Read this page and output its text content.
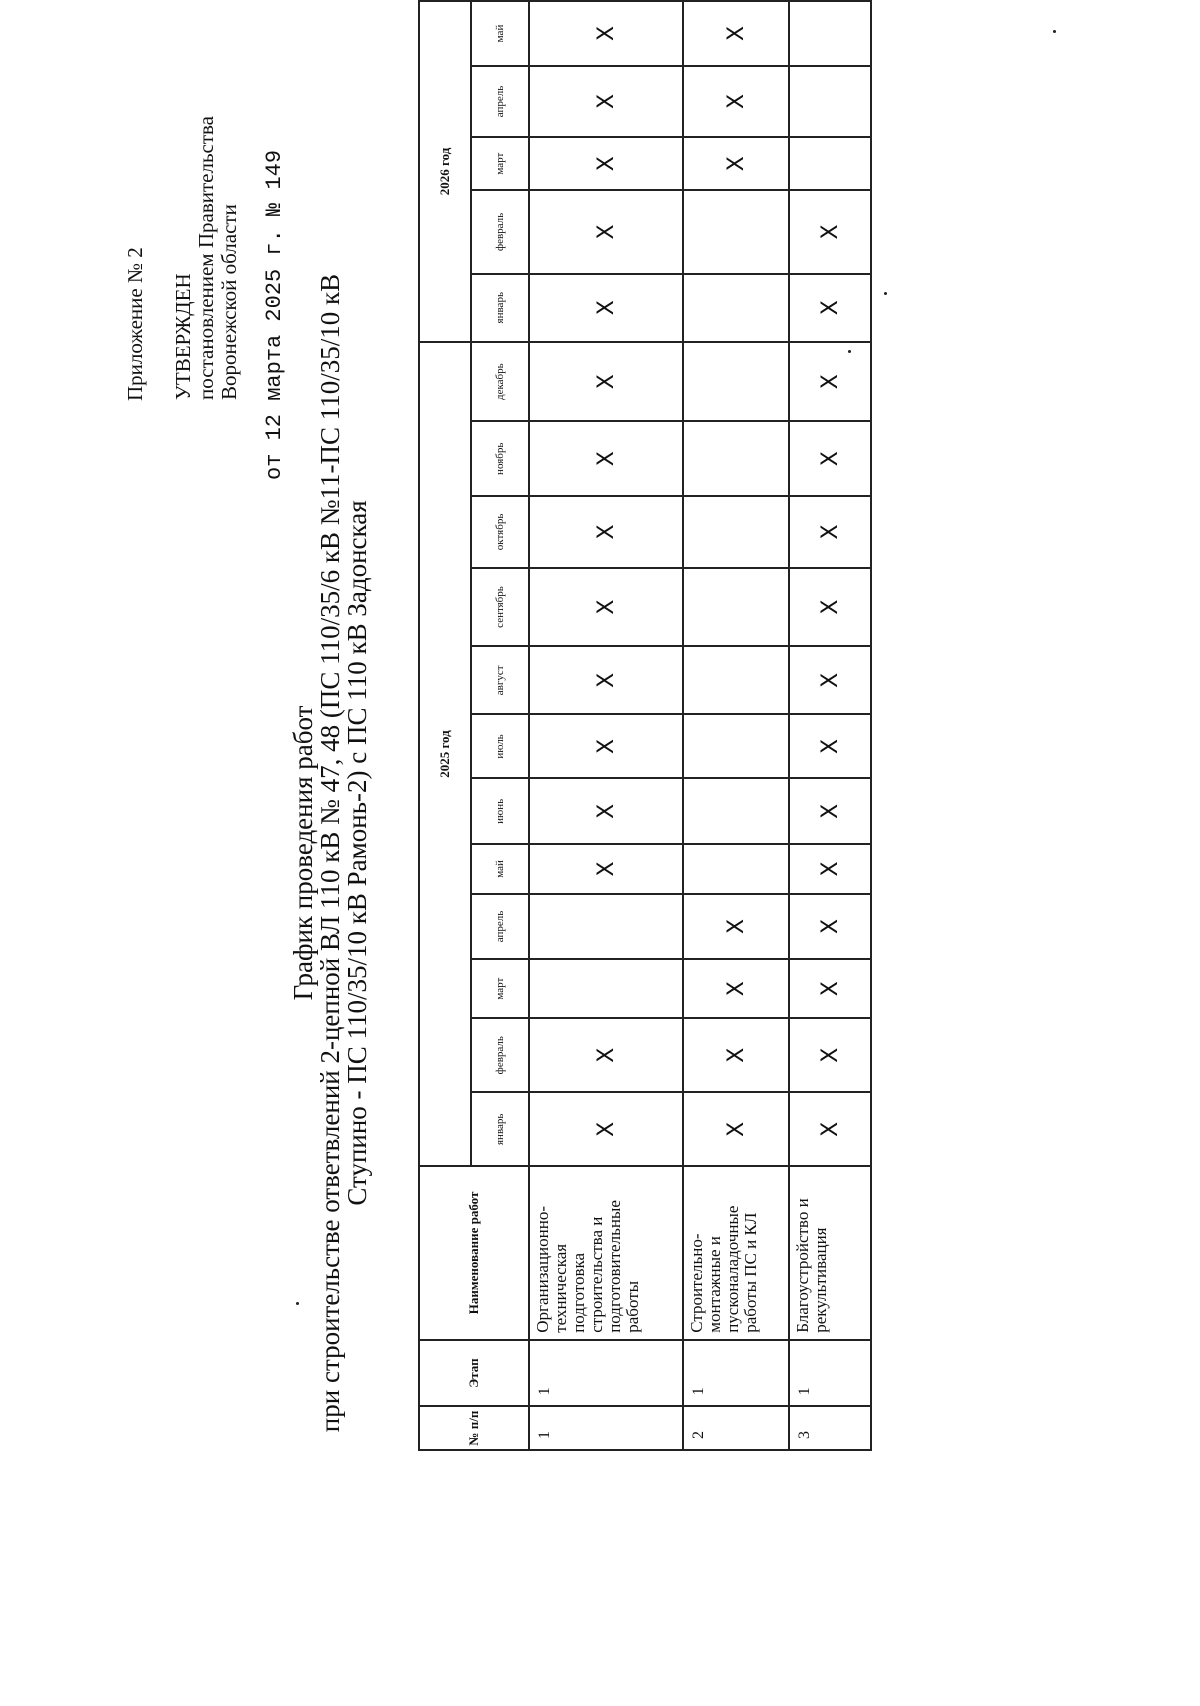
Приложение № 2 УТВЕРЖДЕН постановлением Правительства Воронежской области от 12 марта 2025 г. № 149
График проведения работ
при строительстве ответвлений 2-цепной ВЛ 110 кВ № 47, 48 (ПС 110/35/6 кВ №11-ПС 110/35/10 кВ
Ступино - ПС 110/35/10 кВ Рамонь-2) с ПС 110 кВ Задонская
№ п/п	Этап	Наименование работ	2025 год												2026 год				
			январь	февраль	март	апрель	май	июнь	июль	август	сентябрь	октябрь	ноябрь	декабрь	январь	февраль	март	апрель	май
1	1	Организационно-техническая подготовка строительства и подготовительные работы	X	X			X	X	X	X	X	X	X	X	X	X	X	X	X
2	1	Строительно-монтажные и пусконаладочные работы ПС и КЛ	X	X	X	X											X	X	X
3	1	Благоустройство и рекультивация	X	X	X	X	X	X	X	X	X	X	X	X	X	X			
